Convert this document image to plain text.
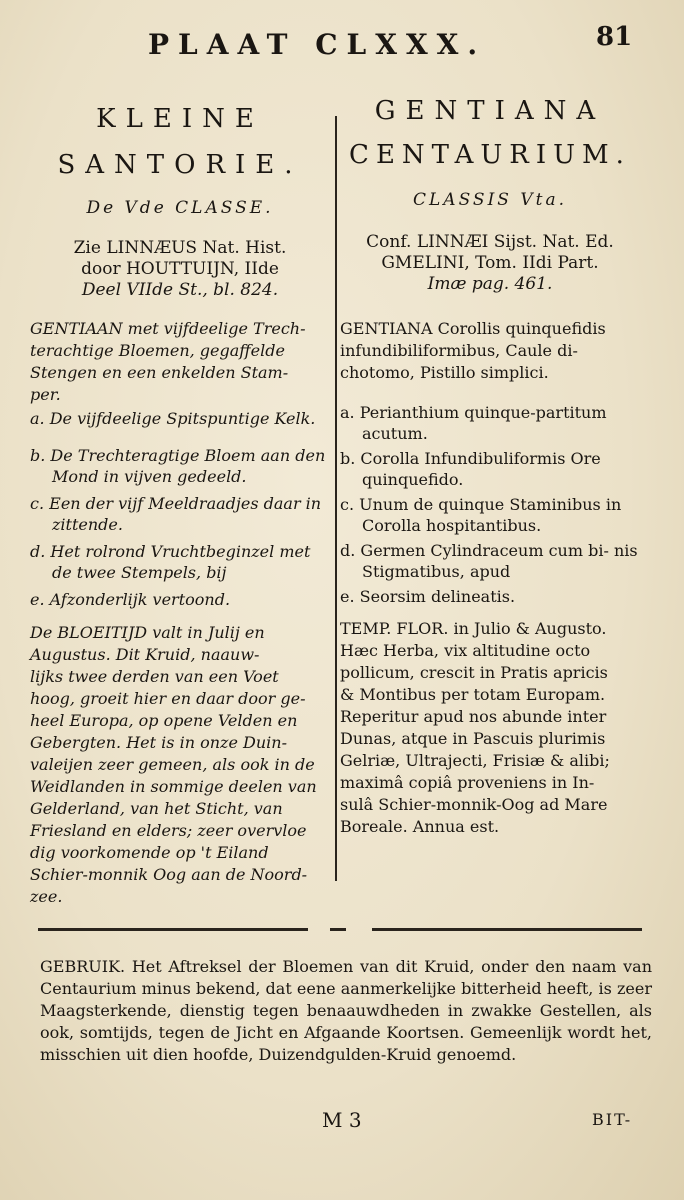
PLAAT CLXXX.	81
KLEINE
SANTORIE.
De Vde CLASSE.
Zie LINNÆUS Nat. Hist.
door HOUTTUIJN, IIde
Deel VIIde St., bl. 824.
GENTIAAN met vijfdeelige Trech-
terachtige Bloemen, gegaffelde
Stengen en een enkelden Stam-
per.
a. De vijfdeelige Spitspuntige Kelk.
b. De Trechteragtige Bloem aan den Mond in vijven gedeeld.
c. Een der vijf Meeldraadjes daar in zittende.
d. Het rolrond Vruchtbeginzel met de twee Stempels, bij
e. Afzonderlijk vertoond.
De BLOEITIJD valt in Julij en
Augustus. Dit Kruid, naauw-
lijks twee derden van een Voet
hoog, groeit hier en daar door ge-
heel Europa, op opene Velden en
Gebergten. Het is in onze Duin-
valeijen zeer gemeen, als ook in de
Weidlanden in sommige deelen van
Gelderland, van het Sticht, van
Friesland en elders; zeer overvloe
dig voorkomende op 't Eiland
Schier-monnik Oog aan de Noord-
zee.
GENTIANA
CENTAURIUM.
CLASSIS Vta.
Conf. LINNÆI Sijst. Nat. Ed.
GMELINI, Tom. IIdi Part.
Imæ pag. 461.
GENTIANA Corollis quinquefidis
infundibiliformibus, Caule di-
chotomo, Pistillo simplici.
a. Perianthium quinque-partitum acutum.
b. Corolla Infundibuliformis Ore quinquefido.
c. Unum de quinque Staminibus in Corolla hospitantibus.
d. Germen Cylindraceum cum bi- nis Stigmatibus, apud
e. Seorsim delineatis.
TEMP. FLOR. in Julio & Augusto.
Hæc Herba, vix altitudine octo
pollicum, crescit in Pratis apricis
& Montibus per totam Europam.
Reperitur apud nos abunde inter
Dunas, atque in Pascuis plurimis
Gelriæ, Ultrajecti, Frisiæ & alibi;
maximâ copiâ proveniens in In-
sulâ Schier-monnik-Oog ad Mare
Boreale. Annua est.
GEBRUIK. Het Aftreksel der Bloemen van dit Kruid, onder den naam van Centaurium minus bekend, dat eene aanmerkelijke bitterheid heeft, is zeer Maagsterkende, dienstig tegen benaauwdheden in zwakke Gestellen, als ook, somtijds, tegen de Jicht en Afgaande Koortsen. Gemeenlijk wordt het, misschien uit dien hoofde, Duizendgulden-Kruid genoemd.
M 3	BIT-
